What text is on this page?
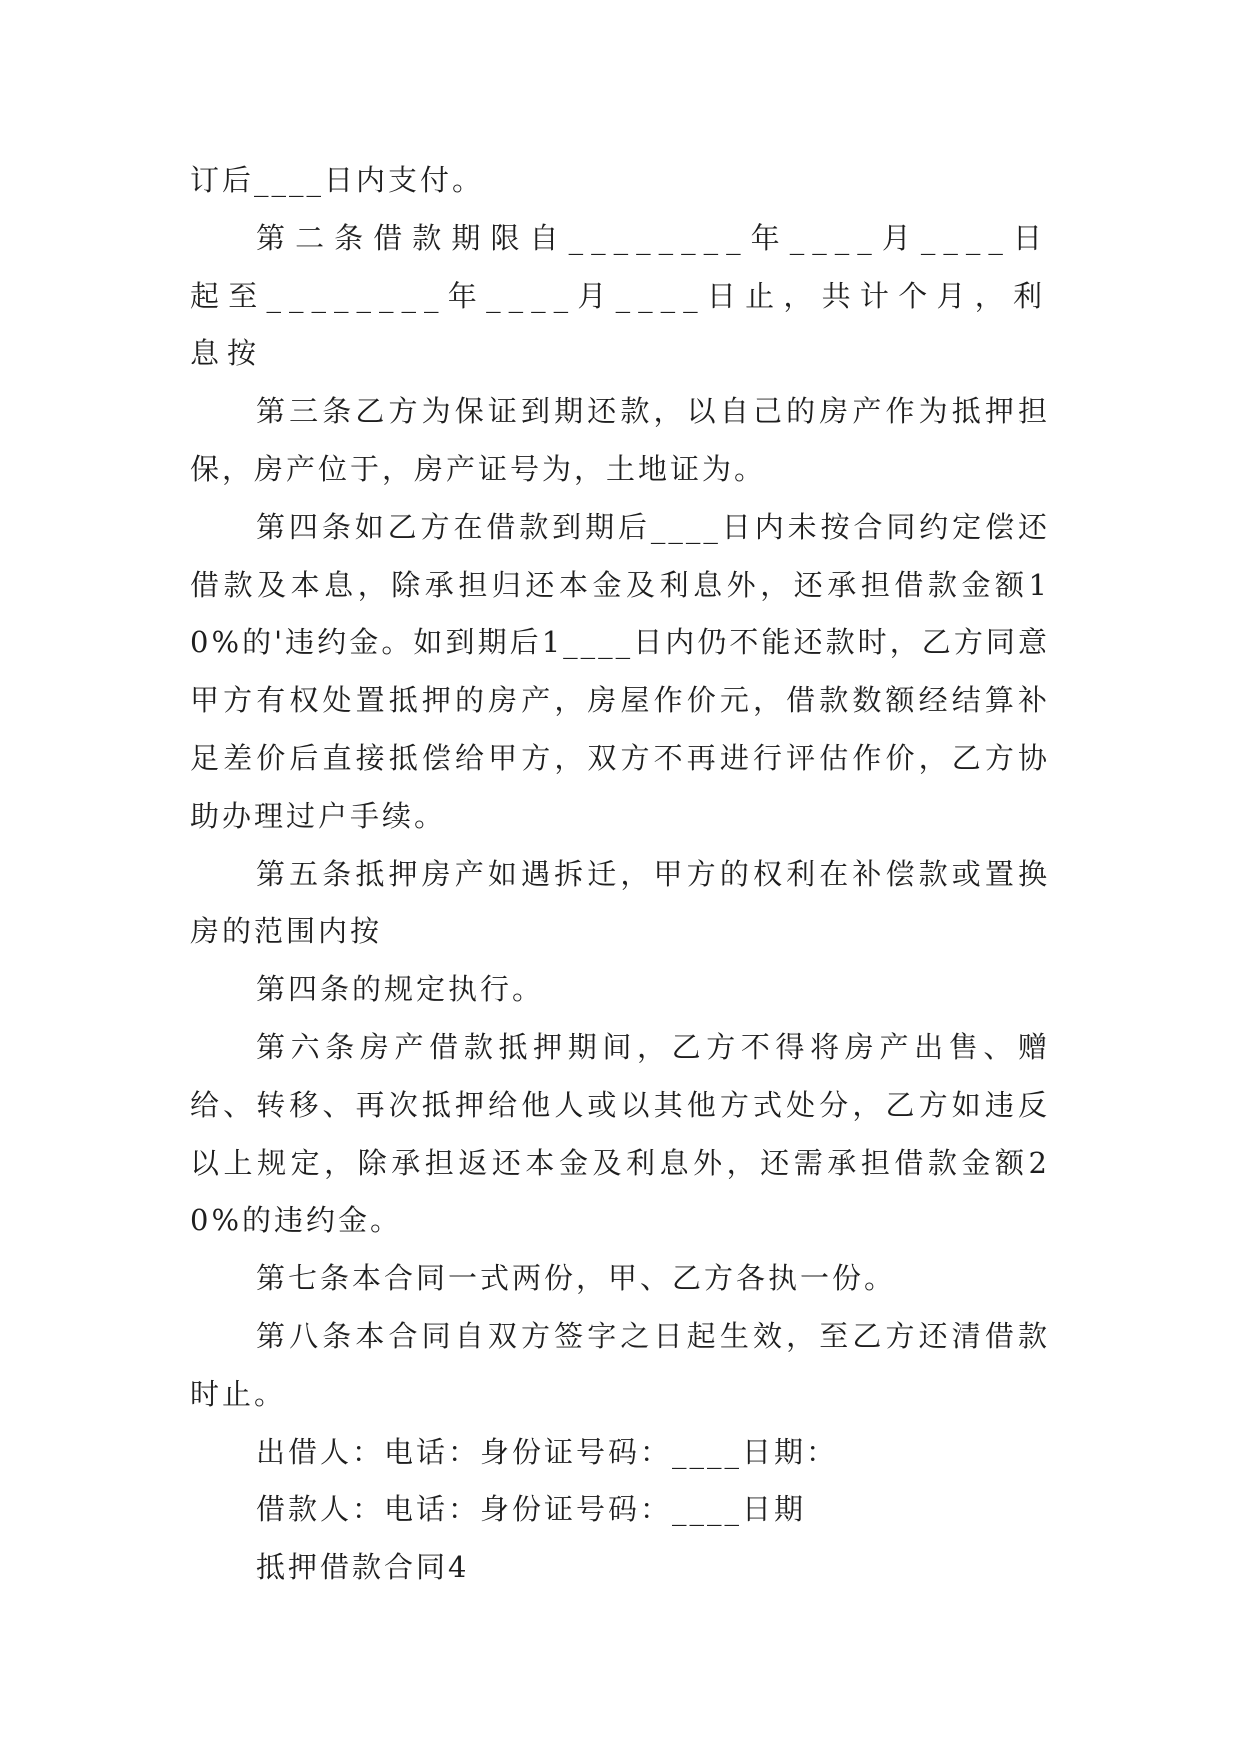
订后____日内支付。

第二条借款期限自________年____月____日起至________年____月____日止，共计个月，利息按

第三条乙方为保证到期还款，以自己的房产作为抵押担保，房产位于，房产证号为，土地证为。

第四条如乙方在借款到期后____日内未按合同约定偿还借款及本息，除承担归还本金及利息外，还承担借款金额10%的'违约金。如到期后1____日内仍不能还款时，乙方同意甲方有权处置抵押的房产，房屋作价元，借款数额经结算补足差价后直接抵偿给甲方，双方不再进行评估作价，乙方协助办理过户手续。

第五条抵押房产如遇拆迁，甲方的权利在补偿款或置换房的范围内按

第四条的规定执行。

第六条房产借款抵押期间，乙方不得将房产出售、赠给、转移、再次抵押给他人或以其他方式处分，乙方如违反以上规定，除承担返还本金及利息外，还需承担借款金额20%的违约金。

第七条本合同一式两份，甲、乙方各执一份。

第八条本合同自双方签字之日起生效，至乙方还清借款时止。

出借人：电话：身份证号码：____日期：

借款人：电话：身份证号码：____日期

抵押借款合同4
